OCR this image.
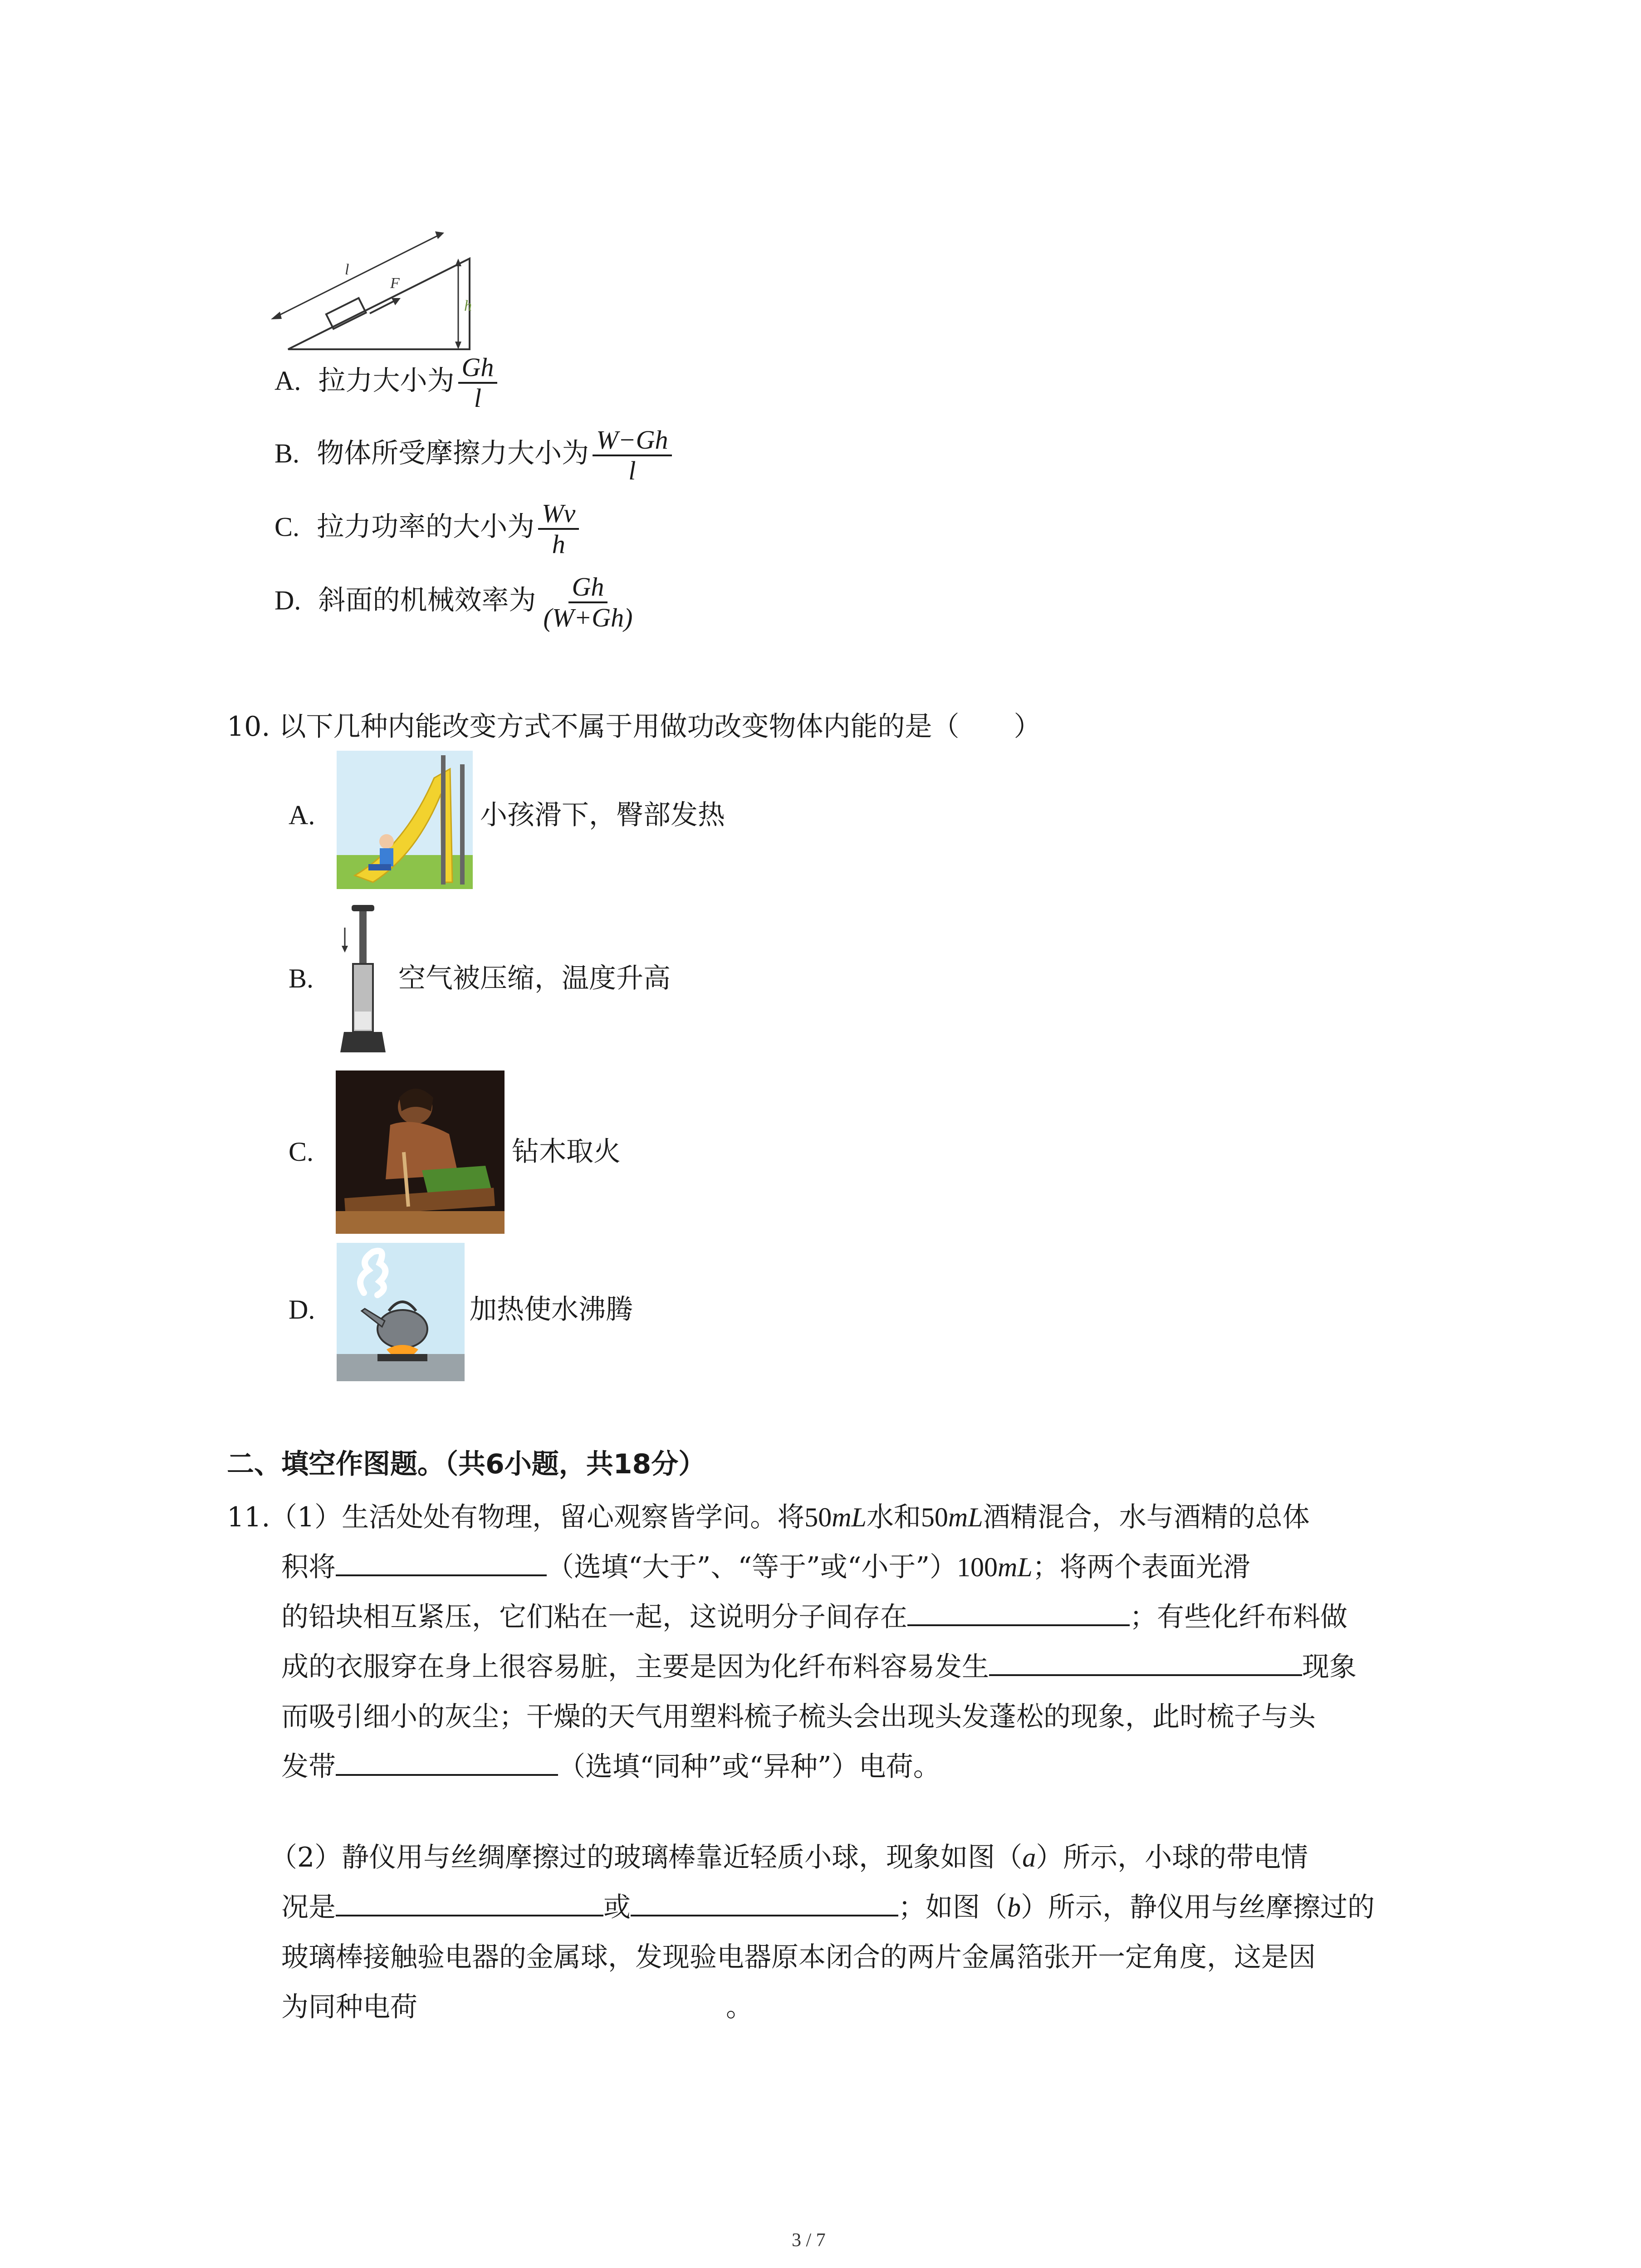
l
F
h
A. 拉力大小为 $\frac{Gh}{l}$
B. 物体所受摩擦力大小为 $\frac{W-Gh}{l}$
C. 拉力功率的大小为 $\frac{Wv}{h}$
D. 斜面的机械效率为 $\frac{Gh}{(W+Gh)}$
10. 以下几种内能改变方式不属于用做功改变物体内能的是（　　）
A.	小孩滑下，臀部发热
B.	空气被压缩，温度升高
C.	钻木取火
D.	加热使水沸腾
二、填空作图题。（共6小题，共18分）
11. （1）生活处处有物理，留心观察皆学问。将50mL水和50mL酒精混合，水与酒精的总体
积将	（选填“大于”、“等于”或“小于”）100mL；将两个表面光滑
的铅块相互紧压，它们粘在一起，这说明分子间存在	；有些化纤布料做
成的衣服穿在身上很容易脏，主要是因为化纤布料容易发生	现象
而吸引细小的灰尘；干燥的天气用塑料梳子梳头会出现头发蓬松的现象，此时梳子与头
发带	（选填“同种”或“异种”）电荷。
（2）静仪用与丝绸摩擦过的玻璃棒靠近轻质小球，现象如图（a）所示，小球的带电情
况是	或	；如图（b）所示，静仪用与丝摩擦过的
玻璃棒接触验电器的金属球，发现验电器原本闭合的两片金属箔张开一定角度，这是因
为同种电荷	。
3 / 7
